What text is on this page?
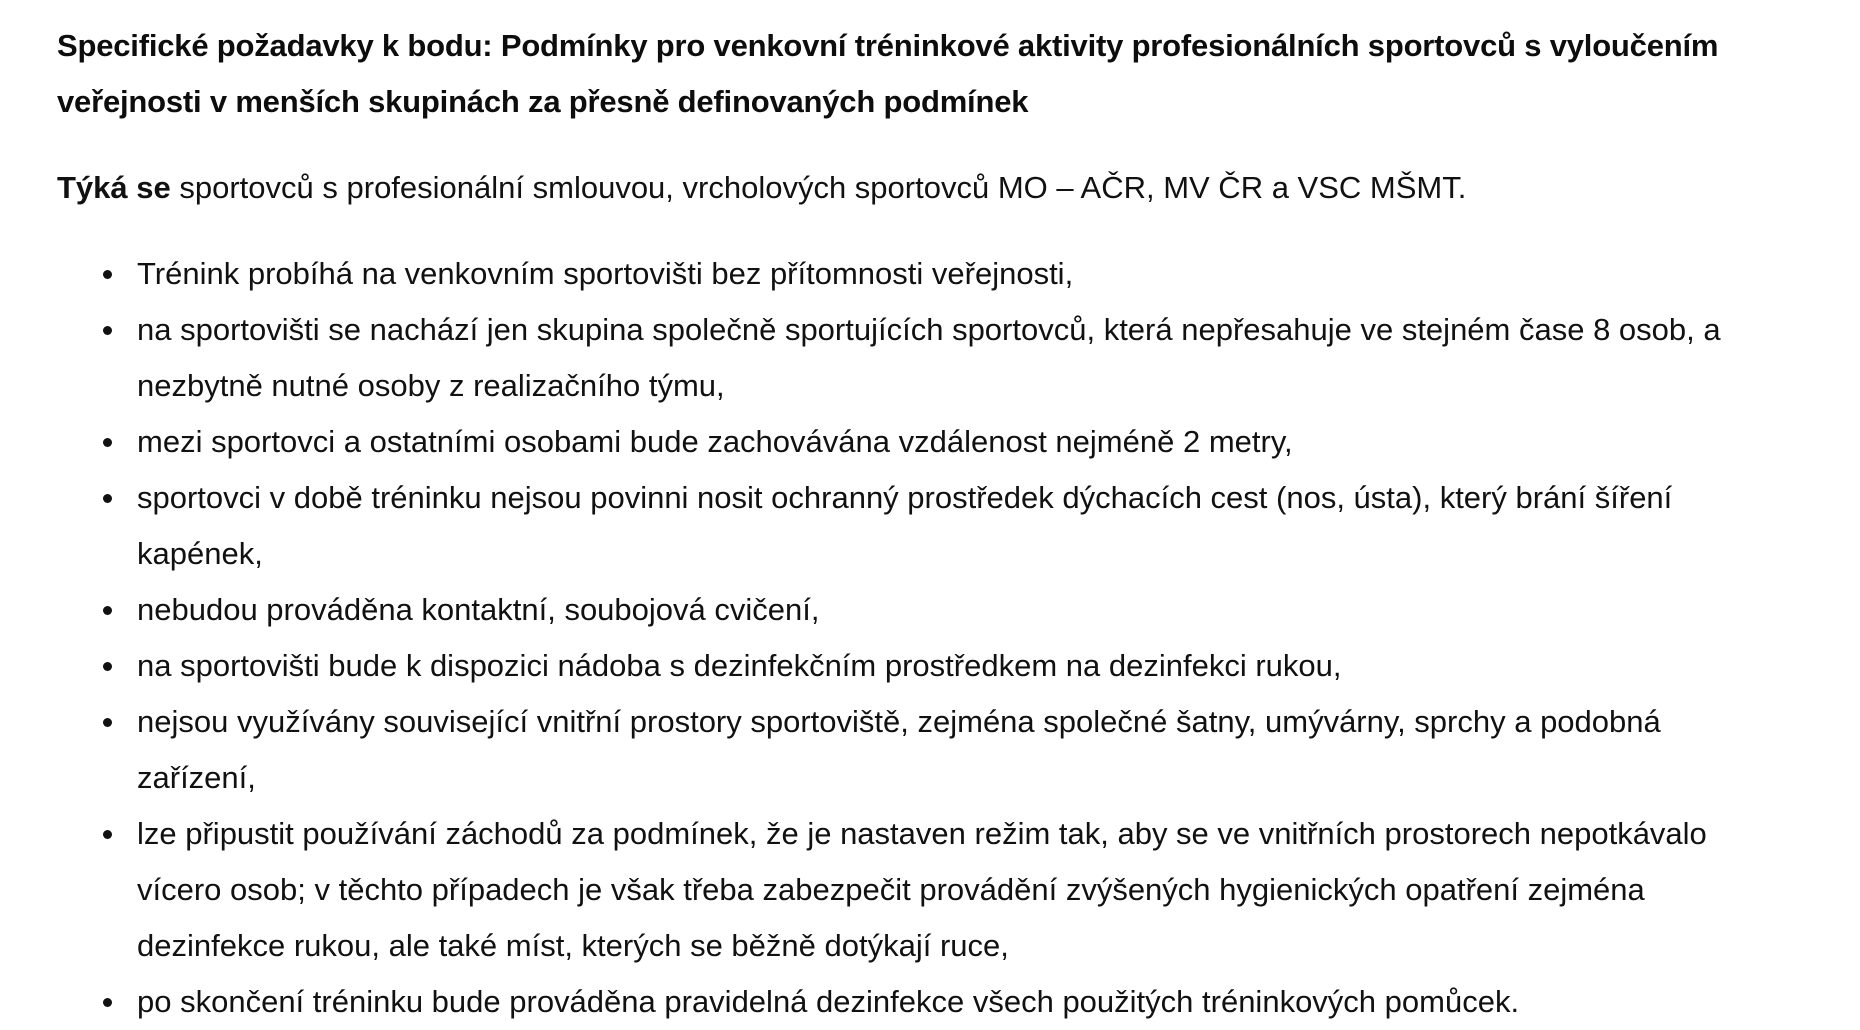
Specifické požadavky k bodu: Podmínky pro venkovní tréninkové aktivity profesionálních sportovců s vyloučením veřejnosti v menších skupinách za přesně definovaných podmínek

Týká se sportovců s profesionální smlouvou, vrcholových sportovců MO – AČR, MV ČR a VSC MŠMT.

Trénink probíhá na venkovním sportovišti bez přítomnosti veřejnosti,
na sportovišti se nachází jen skupina společně sportujících sportovců, která nepřesahuje ve stejném čase 8 osob, a nezbytně nutné osoby z realizačního týmu,
mezi sportovci a ostatními osobami bude zachovávána vzdálenost nejméně 2 metry,
sportovci v době tréninku nejsou povinni nosit ochranný prostředek dýchacích cest (nos, ústa), který brání šíření kapének,
nebudou prováděna kontaktní, soubojová cvičení,
na sportovišti bude k dispozici nádoba s dezinfekčním prostředkem na dezinfekci rukou,
nejsou využívány související vnitřní prostory sportoviště, zejména společné šatny, umývárny, sprchy a podobná zařízení,
lze připustit používání záchodů za podmínek, že je nastaven režim tak, aby se ve vnitřních prostorech nepotkávalo vícero osob; v těchto případech je však třeba zabezpečit provádění zvýšených hygienických opatření zejména dezinfekce rukou, ale také míst, kterých se běžně dotýkají ruce,
po skončení tréninku bude prováděna pravidelná dezinfekce všech použitých tréninkových pomůcek.
